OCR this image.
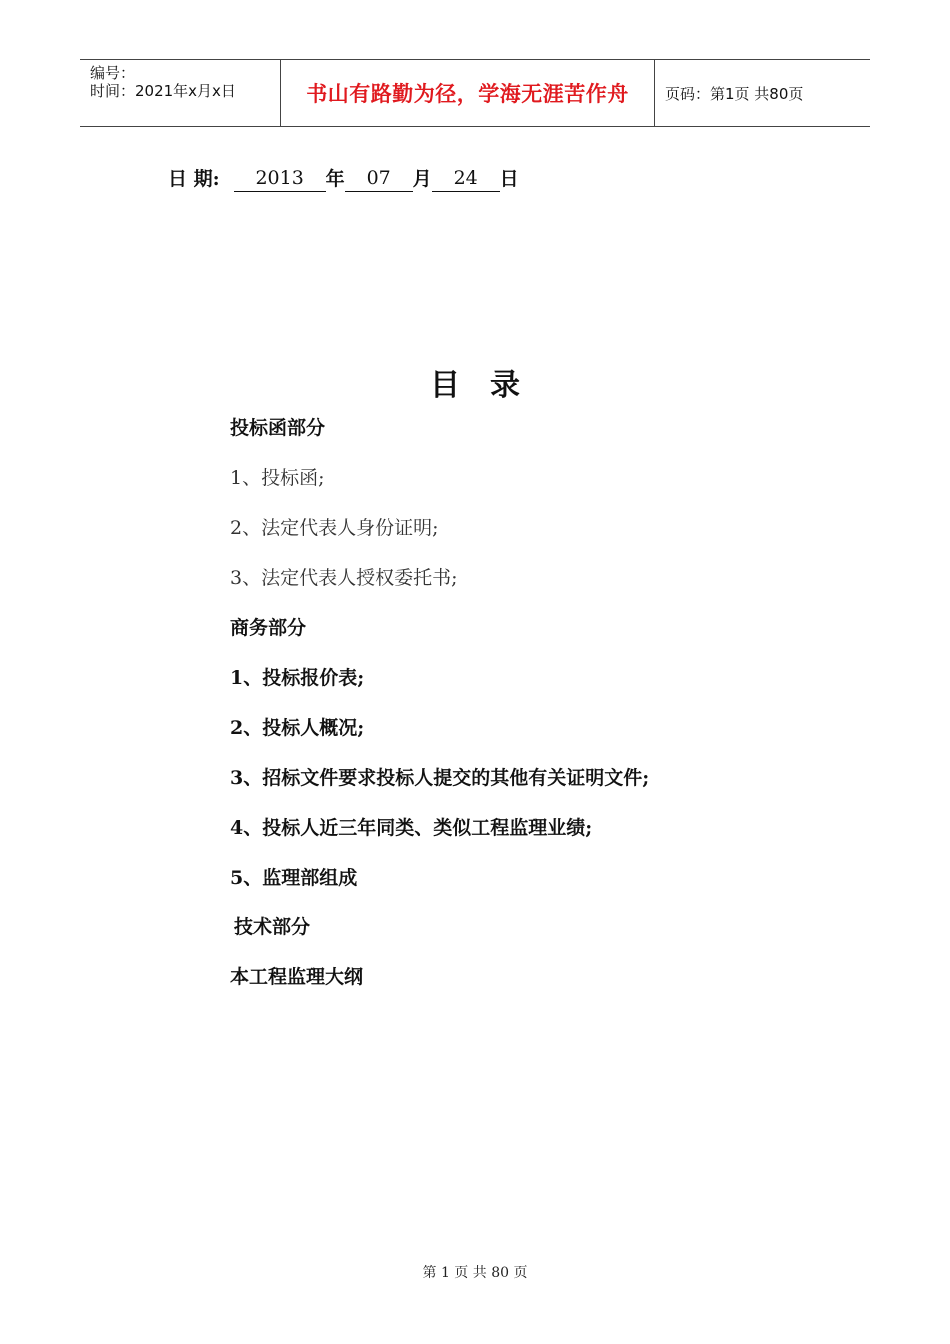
编号：
时间：2021年x月x日	书山有路勤为径，学海无涯苦作舟	页码：第1页 共80页
日 期:	2013	年	07	月	24	日
目录
投标函部分
1、投标函;
2、法定代表人身份证明;
3、法定代表人授权委托书;
商务部分
1、投标报价表;
2、投标人概况;
3、招标文件要求投标人提交的其他有关证明文件;
4、投标人近三年同类、类似工程监理业绩;
5、监理部组成
技术部分
本工程监理大纲
第 1 页 共 80 页
